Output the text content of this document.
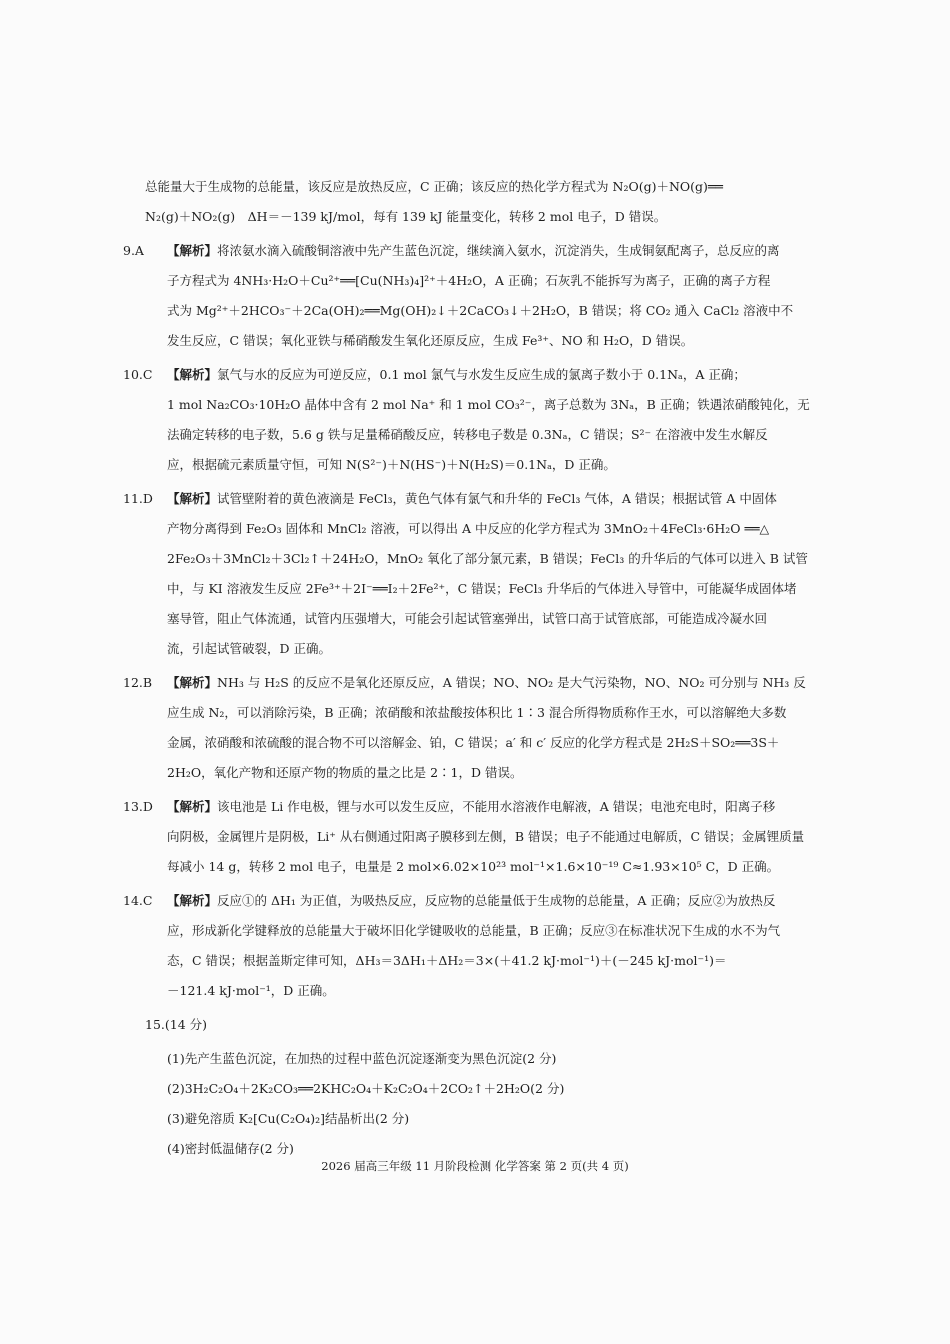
总能量大于生成物的总能量，该反应是放热反应，C 正确；该反应的热化学方程式为 N₂O(g)＋NO(g)══
N₂(g)＋NO₂(g)　ΔH＝－139 kJ/mol，每有 139 kJ 能量变化，转移 2 mol 电子，D 错误。

9.A 【解析】将浓氨水滴入硫酸铜溶液中先产生蓝色沉淀，继续滴入氨水，沉淀消失，生成铜氨配离子，总反应的离
子方程式为 4NH₃·H₂O＋Cu²⁺══[Cu(NH₃)₄]²⁺＋4H₂O，A 正确；石灰乳不能拆写为离子，正确的离子方程
式为 Mg²⁺＋2HCO₃⁻＋2Ca(OH)₂══Mg(OH)₂↓＋2CaCO₃↓＋2H₂O，B 错误；将 CO₂ 通入 CaCl₂ 溶液中不
发生反应，C 错误；氧化亚铁与稀硝酸发生氧化还原反应，生成 Fe³⁺、NO 和 H₂O，D 错误。

10.C 【解析】氯气与水的反应为可逆反应，0.1 mol 氯气与水发生反应生成的氯离子数小于 0.1Nₐ，A 正确；
1 mol Na₂CO₃·10H₂O 晶体中含有 2 mol Na⁺ 和 1 mol CO₃²⁻，离子总数为 3Nₐ，B 正确；铁遇浓硝酸钝化，无
法确定转移的电子数，5.6 g 铁与足量稀硝酸反应，转移电子数是 0.3Nₐ，C 错误；S²⁻ 在溶液中发生水解反
应，根据硫元素质量守恒，可知 N(S²⁻)＋N(HS⁻)＋N(H₂S)＝0.1Nₐ，D 正确。

11.D 【解析】试管壁附着的黄色液滴是 FeCl₃，黄色气体有氯气和升华的 FeCl₃ 气体，A 错误；根据试管 A 中固体
产物分离得到 Fe₂O₃ 固体和 MnCl₂ 溶液，可以得出 A 中反应的化学方程式为 3MnO₂＋4FeCl₃·6H₂O ══△
2Fe₂O₃＋3MnCl₂＋3Cl₂↑＋24H₂O，MnO₂ 氧化了部分氯元素，B 错误；FeCl₃ 的升华后的气体可以进入 B 试管
中，与 KI 溶液发生反应 2Fe³⁺＋2I⁻══I₂＋2Fe²⁺，C 错误；FeCl₃ 升华后的气体进入导管中，可能凝华成固体堵
塞导管，阻止气体流通，试管内压强增大，可能会引起试管塞弹出，试管口高于试管底部，可能造成冷凝水回
流，引起试管破裂，D 正确。

12.B 【解析】NH₃ 与 H₂S 的反应不是氧化还原反应，A 错误；NO、NO₂ 是大气污染物，NO、NO₂ 可分别与 NH₃ 反
应生成 N₂，可以消除污染，B 正确；浓硝酸和浓盐酸按体积比 1∶3 混合所得物质称作王水，可以溶解绝大多数
金属，浓硝酸和浓硫酸的混合物不可以溶解金、铂，C 错误；a′ 和 c′ 反应的化学方程式是 2H₂S＋SO₂══3S＋
2H₂O，氧化产物和还原产物的物质的量之比是 2∶1，D 错误。

13.D 【解析】该电池是 Li 作电极，锂与水可以发生反应，不能用水溶液作电解液，A 错误；电池充电时，阳离子移
向阴极，金属锂片是阴极，Li⁺ 从右侧通过阳离子膜移到左侧，B 错误；电子不能通过电解质，C 错误；金属锂质量
每减小 14 g，转移 2 mol 电子，电量是 2 mol×6.02×10²³ mol⁻¹×1.6×10⁻¹⁹ C≈1.93×10⁵ C，D 正确。

14.C 【解析】反应①的 ΔH₁ 为正值，为吸热反应，反应物的总能量低于生成物的总能量，A 正确；反应②为放热反
应，形成新化学键释放的总能量大于破坏旧化学键吸收的总能量，B 正确；反应③在标准状况下生成的水不为气
态，C 错误；根据盖斯定律可知，ΔH₃＝3ΔH₁＋ΔH₂＝3×(＋41.2 kJ·mol⁻¹)＋(－245 kJ·mol⁻¹)＝
－121.4 kJ·mol⁻¹，D 正确。

15.(14 分)
(1)先产生蓝色沉淀，在加热的过程中蓝色沉淀逐渐变为黑色沉淀(2 分)
(2)3H₂C₂O₄＋2K₂CO₃══2KHC₂O₄＋K₂C₂O₄＋2CO₂↑＋2H₂O(2 分)
(3)避免溶质 K₂[Cu(C₂O₄)₂]结晶析出(2 分)
(4)密封低温储存(2 分)
2026 届高三年级 11 月阶段检测 化学答案 第 2 页(共 4 页)
